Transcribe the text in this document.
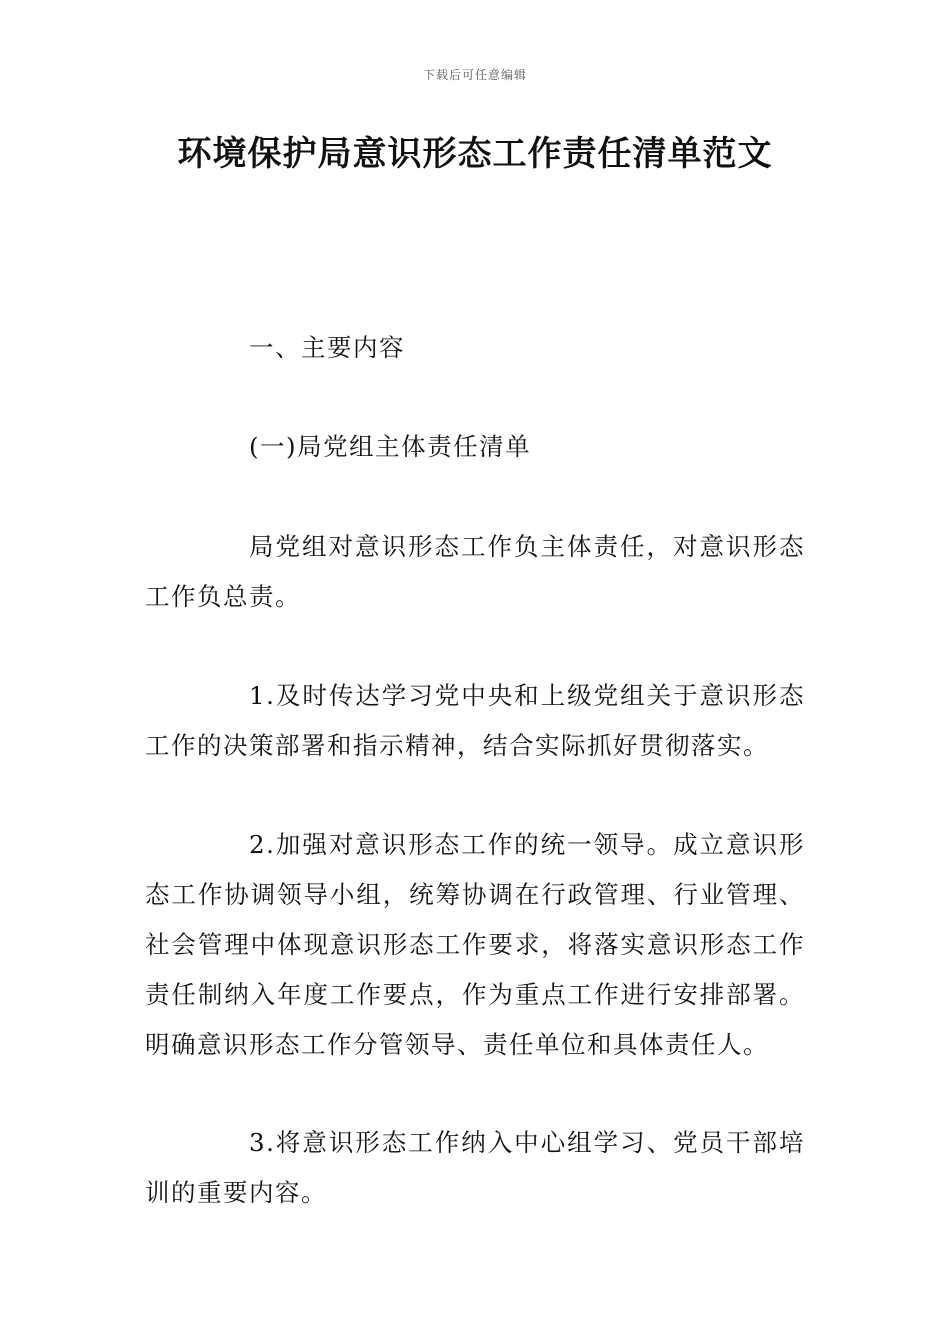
下载后可任意编辑
环境保护局意识形态工作责任清单范文

一、主要内容

(一)局党组主体责任清单

局党组对意识形态工作负主体责任，对意识形态工作负总责。

1.及时传达学习党中央和上级党组关于意识形态工作的决策部署和指示精神，结合实际抓好贯彻落实。

2.加强对意识形态工作的统一领导。成立意识形态工作协调领导小组，统筹协调在行政管理、行业管理、社会管理中体现意识形态工作要求，将落实意识形态工作责任制纳入年度工作要点，作为重点工作进行安排部署。明确意识形态工作分管领导、责任单位和具体责任人。

3.将意识形态工作纳入中心组学习、党员干部培训的重要内容。
